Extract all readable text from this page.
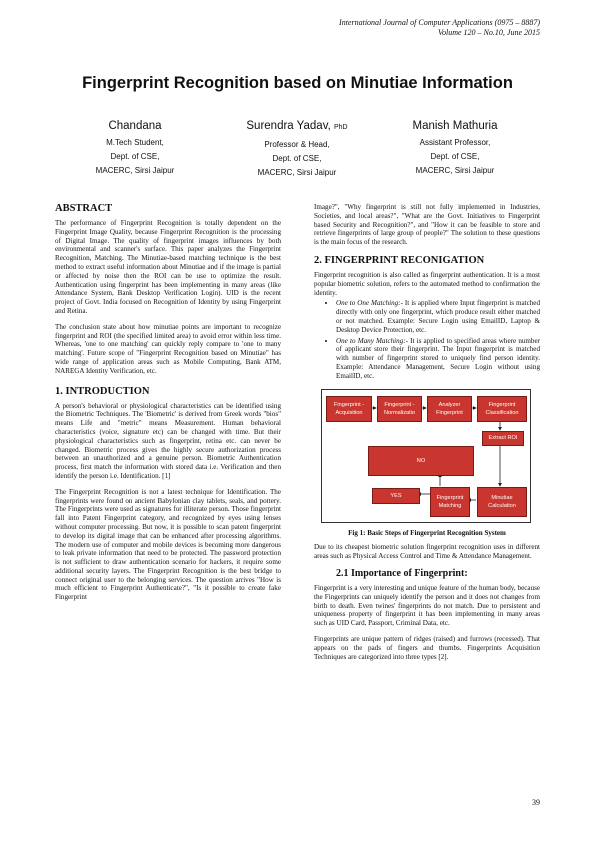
International Journal of Computer Applications (0975 – 8887)
Volume 120 – No.10, June 2015
Fingerprint Recognition based on Minutiae Information
Chandana
M.Tech Student,
Dept. of CSE,
MACERC, Sirsi Jaipur
Surendra Yadav, PhD
Professor & Head,
Dept. of CSE,
MACERC, Sirsi Jaipur
Manish Mathuria
Assistant Professor,
Dept. of CSE,
MACERC, Sirsi Jaipur
ABSTRACT

The performance of Fingerprint Recognition is totally dependent on the Fingerprint Image Quality, because Fingerprint Recognition is the processing of Digital Image. The quality of fingerprint images influences by both environmental and scanner's surface. This paper analyzes the Fingerprint Recognition, Matching. The Minutiae-based matching technique is the best method to extract useful information about Minutiae and if the image is partial or affected by noise then the ROI can be use to optimize the result. Authentication using fingerprint has been implementing in many areas (like Attendance System, Bank Desktop Verification Login). UID is the recent project of Govt. India focused on Recognition of Identity by using Fingerprint and Retina.

The conclusion state about how minutiae points are important to recognize fingerprint and ROI (the specified limited area) to avoid error within less time. Whereas, 'one to one matching' can quickly reply compare to 'one to many matching'. Future scope of "Fingerprint Recognition based on Minutiae" has wide range of application areas such as Mobile Computing, Bank ATM, NAREGA Identity Verification, etc.

1. INTRODUCTION

A person's behavioral or physiological characteristics can be identified using the Biometric Techniques. The 'Biometric' is derived from Greek words "bios" means Life and "metric" means Measurement. Human behavioral characteristics (voice, signature etc) can be changed with time. But their physiological characteristics such as fingerprint, retina etc. can never be changed. Biometric process gives the highly secure authorization process between an unauthorized and a genuine person. Biometric Authentication process, first match the information with stored data i.e. Verification and then identify the person i.e. Identification. [1]

The Fingerprint Recognition is not a latest technique for Identification. The fingerprints were found on ancient Babylonian clay tablets, seals, and pottery. The Fingerprints were used as signatures for illiterate person. Those fingerprint fall into Patent Fingerprint category, and recognized by eyes using lenses without computer processing. But now, it is possible to scan patent fingerprint to develop its digital image that can be enhanced after processing algorithms. The modern use of computer and mobile devices is becoming more dangerous to leak private information that need to be protected. The password protection is not sufficient to draw authentication scenario for hackers, it require some additional security layers. The Fingerprint Recognition is the best bridge to connect original user to the belonging services. The question arrives "How is much efficient to Fingerprint Authenticate?", "Is it possible to create fake Fingerprint

Image?", "Why fingerprint is still not fully implemented in Industries, Societies, and local areas?", "What are the Govt. Initiatives to Fingerprint based Security and Recognition?", and "How it can be feasible to store and retrieve fingerprints of large group of people?" The solution to these questions is the main focus of the research.

2. FINGERPRINT RECONIGATION

Fingerprint recognition is also called as fingerprint authentication. It is a most popular biometric solution, refers to the automated method to confirmation the identity.

• One to One Matching:- It is applied where Input fingerprint is matched directly with only one fingerprint, which produce result either matched or not matched. Example: Secure Login using EmailID, Laptop & Desktop Device Protection, etc.
• One to Many Matching:- It is applied to specified areas where number of applicant store their fingerprint. The Input fingerprint is matched with number of fingerprint stored to uniquely find person identity. Example: Attendance Management, Secure Login without using EmailID, etc.
Fingerprint -Acquisition
Fingerprint - Normalizatio
Analyzer Fingerprint
Fingerprint Classification
Extract ROI
NO
YES	Fingerprint Matching
Minutiae Calculation
Fig 1: Basic Steps of Fingerprint Recognition System

Due to its cheapest biometric solution fingerprint recognition uses in different areas such as Physical Access Control and Time & Attendance Management.

2.1 Importance of Fingerprint:

Fingerprint is a very interesting and unique feature of the human body, because the Fingerprints can uniquely identify the person and it does not changes from birth to death. Even twines' fingerprints do not match. Due to persistent and uniqueness property of fingerprint it has been implementing in many areas such as UID Card, Passport, Criminal Data, etc.

Fingerprints are unique pattern of ridges (raised) and furrows (recessed). That appears on the pads of fingers and thumbs. Fingerprints Acquisition Techniques are categorized into three types [2].

39
